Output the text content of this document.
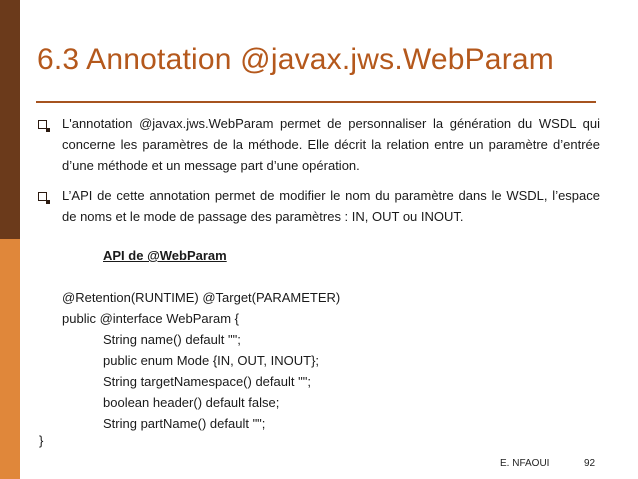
6.3 Annotation @javax.jws.WebParam
L'annotation @javax.jws.WebParam permet de personnaliser la génération du WSDL qui concerne les paramètres de la méthode. Elle décrit la relation entre un paramètre d’entrée d’une méthode et un message part d’une opération.
L’API de cette annotation permet de modifier le nom du paramètre dans le WSDL, l’espace de noms et le mode de passage des paramètres : IN, OUT ou INOUT.
API de @WebParam
@Retention(RUNTIME) @Target(PARAMETER)
public @interface WebParam {
String name() default "";
public enum Mode {IN, OUT, INOUT};
String targetNamespace() default "";
boolean header() default false;
String partName() default "";
}
E. NFAOUI	92
